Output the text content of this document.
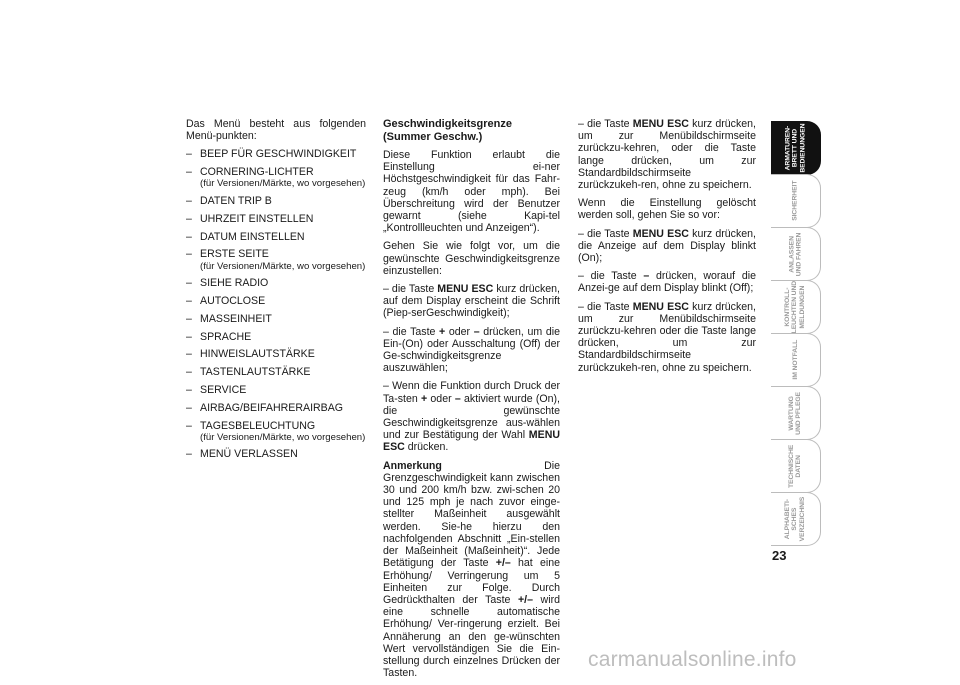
Das Menü besteht aus folgenden Menü-punkten:

– BEEP FÜR GESCHWINDIGKEIT
– CORNERING-LICHTER
(für Versionen/Märkte, wo vorgesehen)
– DATEN TRIP B
– UHRZEIT EINSTELLEN
– DATUM EINSTELLEN
– ERSTE SEITE
(für Versionen/Märkte, wo vorgesehen)
– SIEHE RADIO
– AUTOCLOSE
– MASSEINHEIT
– SPRACHE
– HINWEISLAUTSTÄRKE
– TASTENLAUTSTÄRKE
– SERVICE
– AIRBAG/BEIFAHRERAIRBAG
– TAGESBELEUCHTUNG
(für Versionen/Märkte, wo vorgesehen)
– MENÜ VERLASSEN

Geschwindigkeitsgrenze
(Summer Geschw.)

Diese Funktion erlaubt die Einstellung ei-ner Höchstgeschwindigkeit für das Fahr-zeug (km/h oder mph). Bei Überschreitung wird der Benutzer gewarnt (siehe Kapi-tel „Kontrollleuchten und Anzeigen“).

Gehen Sie wie folgt vor, um die gewünschte Geschwindigkeitsgrenze einzustellen:

– die Taste MENU ESC kurz drücken, auf dem Display erscheint die Schrift (Piep-serGeschwindigkeit);

– die Taste + oder – drücken, um die Ein-(On) oder Ausschaltung (Off) der Ge-schwindigkeitsgrenze auszuwählen;

– Wenn die Funktion durch Druck der Ta-sten + oder – aktiviert wurde (On), die gewünschte Geschwindigkeitsgrenze aus-wählen und zur Bestätigung der Wahl MENU ESC drücken.

Anmerkung Die Grenzgeschwindigkeit kann zwischen 30 und 200 km/h bzw. zwi-schen 20 und 125 mph je nach zuvor einge-stellter Maßeinheit ausgewählt werden. Sie-he hierzu den nachfolgenden Abschnitt „Ein-stellen der Maßeinheit (Maßeinheit)“. Jede Betätigung der Taste +/– hat eine Erhöhung/ Verringerung um 5 Einheiten zur Folge. Durch Gedrückthalten der Taste +/– wird eine schnelle automatische Erhöhung/ Ver-ringerung erzielt. Bei Annäherung an den ge-wünschten Wert vervollständigen Sie die Ein-stellung durch einzelnes Drücken der Tasten.

– die Taste MENU ESC kurz drücken, um zur Menübildschirmseite zurückzu-kehren, oder die Taste lange drücken, um zur Standardbildschirmseite zurückzukeh-ren, ohne zu speichern.

Wenn die Einstellung gelöscht werden soll, gehen Sie so vor:

– die Taste MENU ESC kurz drücken, die Anzeige auf dem Display blinkt (On);

– die Taste – drücken, worauf die Anzei-ge auf dem Display blinkt (Off);

– die Taste MENU ESC kurz drücken, um zur Menübildschirmseite zurückzu-kehren oder die Taste lange drücken, um zur Standardbildschirmseite zurückzukeh-ren, ohne zu speichern.

ARMATUREN-
BRETT UND
BEDIENUNGEN
SICHERHEIT
ANLASSEN
UND FAHREN
KONTROLL-
LEUCHTEN UND
MELDUNGEN
IM NOTFALL
WARTUNG
UND PFLEGE
TECHNISCHE
DATEN
ALPHABETI-
SCHES
VERZEICHNIS
23
carmanualsonline.info
